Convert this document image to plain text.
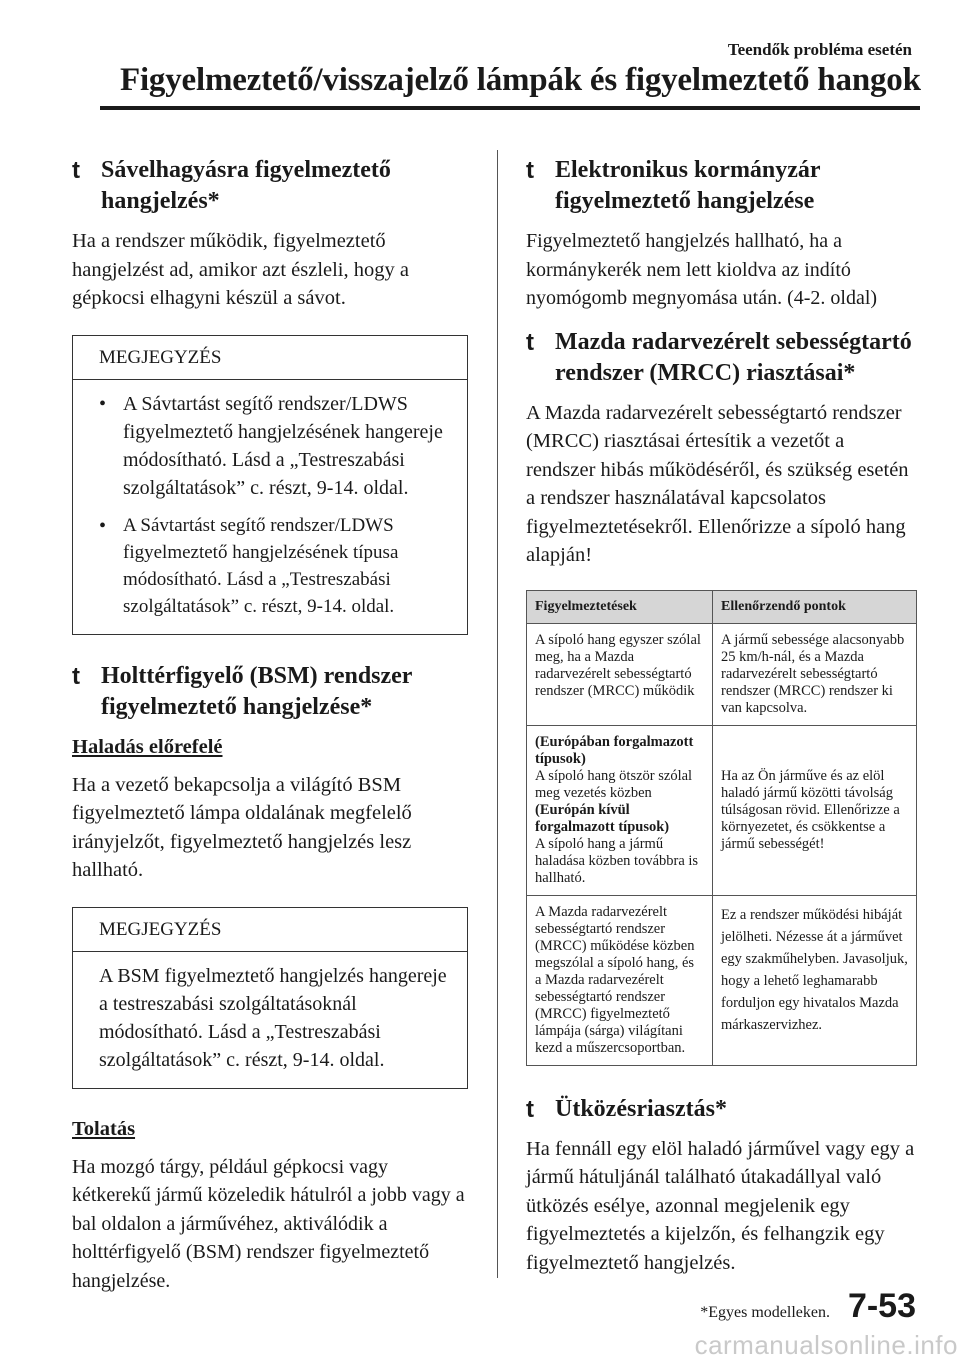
Teendők probléma esetén
Figyelmeztető/visszajelző lámpák és figyelmeztető hangok
t Sávelhagyásra figyelmeztető hangjelzés*
Ha a rendszer működik, figyelmeztető hangjelzést ad, amikor azt észleli, hogy a gépkocsi elhagyni készül a sávot.
MEGJEGYZÉS
• A Sávtartást segítő rendszer/LDWS figyelmeztető hangjelzésének hangereje módosítható. Lásd a „Testreszabási szolgáltatások” c. részt, 9-14. oldal.
• A Sávtartást segítő rendszer/LDWS figyelmeztető hangjelzésének típusa módosítható. Lásd a „Testreszabási szolgáltatások” c. részt, 9-14. oldal.
t Holttérfigyelő (BSM) rendszer figyelmeztető hangjelzése*
Haladás előrefelé
Ha a vezető bekapcsolja a világító BSM figyelmeztető lámpa oldalának megfelelő irányjelzőt, figyelmeztető hangjelzés lesz hallható.
MEGJEGYZÉS
A BSM figyelmeztető hangjelzés hangereje a testreszabási szolgáltatásoknál módosítható. Lásd a „Testreszabási szolgáltatások” c. részt, 9-14. oldal.
Tolatás
Ha mozgó tárgy, például gépkocsi vagy kétkerekű jármű közeledik hátulról a jobb vagy a bal oldalon a járművéhez, aktiválódik a holttérfigyelő (BSM) rendszer figyelmeztető hangjelzése.
t Elektronikus kormányzár figyelmeztető hangjelzése
Figyelmeztető hangjelzés hallható, ha a kormánykerék nem lett kioldva az indító nyomógomb megnyomása után. (4-2. oldal)
t Mazda radarvezérelt sebességtartó rendszer (MRCC) riasztásai*
A Mazda radarvezérelt sebességtartó rendszer (MRCC) riasztásai értesítik a vezetőt a rendszer hibás működéséről, és szükség esetén a rendszer használatával kapcsolatos figyelmeztetésekről. Ellenőrizze a sípoló hang alapján!
Figyelmeztetések	Ellenőrzendő pontok
A sípoló hang egyszer szólal meg, ha a Mazda radarvezérelt sebességtartó rendszer (MRCC) működik	A jármű sebessége alacsonyabb 25 km/h-nál, és a Mazda radarvezérelt sebességtartó rendszer (MRCC) rendszer ki van kapcsolva.

(Európában forgalmazott típusok)
A sípoló hang ötször szólal meg vezetés közben
(Európán kívül forgalmazott típusok)
A sípoló hang a jármű haladása közben továbbra is hallható.	Ha az Ön járműve és az elöl haladó jármű közötti távolság túlságosan rövid. Ellenőrizze a környezetet, és csökkentse a jármű sebességét!
A Mazda radarvezérelt sebességtartó rendszer (MRCC) működése közben megszólal a sípoló hang, és a Mazda radarvezérelt sebességtartó rendszer (MRCC) figyelmeztető lámpája (sárga) világítani kezd a műszercsoportban.	Ez a rendszer működési hibáját jelölheti. Nézesse át a járművet egy szakműhelyben. Javasoljuk, hogy a lehető leghamarabb forduljon egy hivatalos Mazda márkaszervizhez.
t Ütközésriasztás*
Ha fennáll egy elöl haladó járművel vagy egy a jármű hátuljánál található útakadállyal való ütközés esélye, azonnal megjelenik egy figyelmeztetés a kijelzőn, és felhangzik egy figyelmeztető hangjelzés.
*Egyes modelleken. 7-53
carmanualsonline.info
